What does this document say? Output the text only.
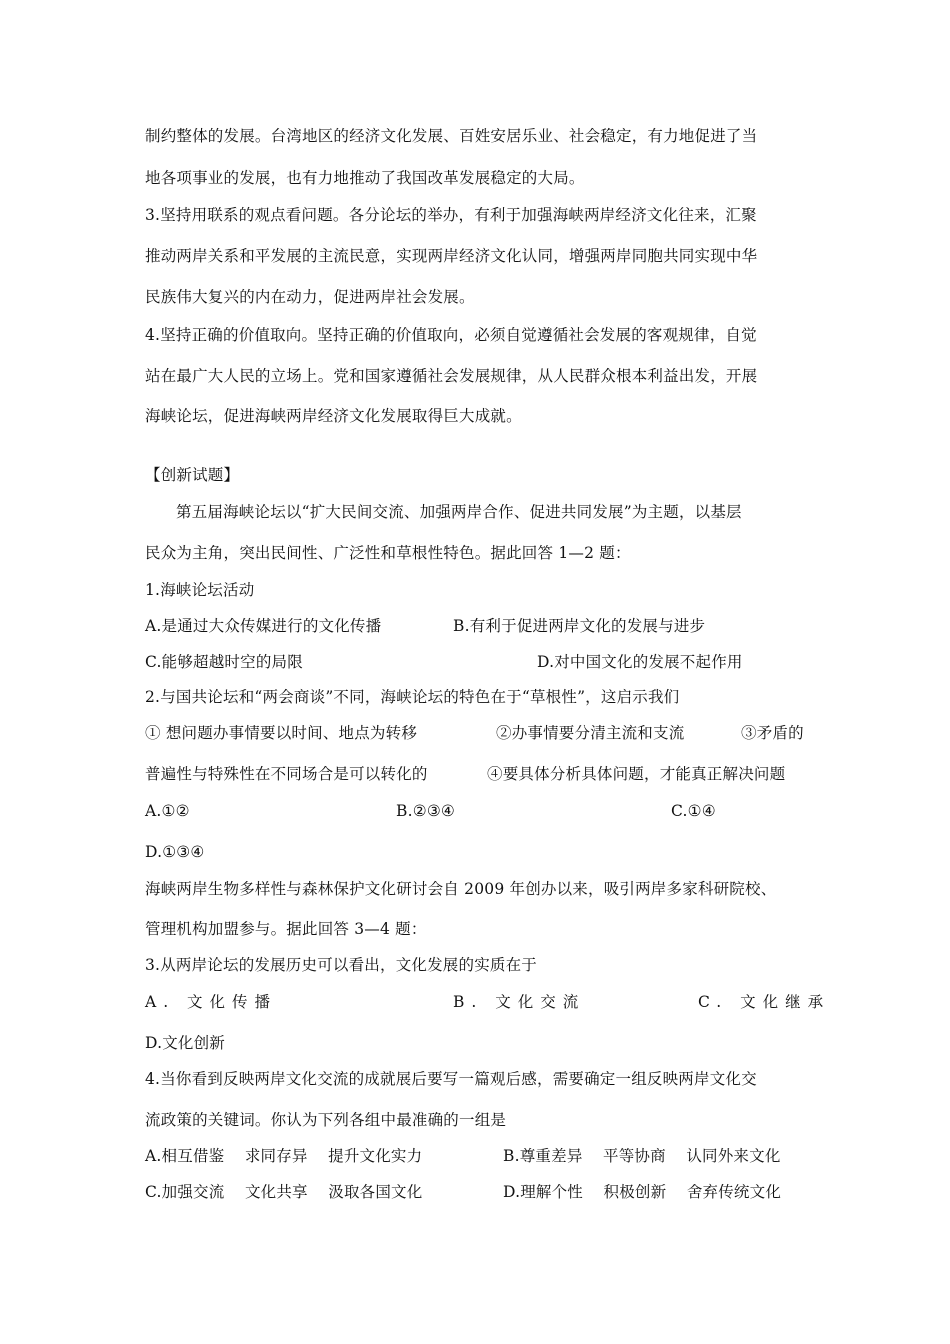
制约整体的发展。台湾地区的经济文化发展、百姓安居乐业、社会稳定，有力地促进了当
地各项事业的发展，也有力地推动了我国改革发展稳定的大局。
3.坚持用联系的观点看问题。各分论坛的举办，有利于加强海峡两岸经济文化往来，汇聚
推动两岸关系和平发展的主流民意，实现两岸经济文化认同，增强两岸同胞共同实现中华
民族伟大复兴的内在动力，促进两岸社会发展。
4.坚持正确的价值取向。坚持正确的价值取向，必须自觉遵循社会发展的客观规律，自觉
站在最广大人民的立场上。党和国家遵循社会发展规律，从人民群众根本利益出发，开展
海峡论坛，促进海峡两岸经济文化发展取得巨大成就。
【创新试题】
第五届海峡论坛以“扩大民间交流、加强两岸合作、促进共同发展”为主题，以基层
民众为主角，突出民间性、广泛性和草根性特色。据此回答 1—2 题：
1.海峡论坛活动
A.是通过大众传媒进行的文化传播	B.有利于促进两岸文化的发展与进步
C.能够超越时空的局限	D.对中国文化的发展不起作用
2.与国共论坛和“两会商谈”不同，海峡论坛的特色在于“草根性”，这启示我们
① 想问题办事情要以时间、地点为转移	②办事情要分清主流和支流	③矛盾的
普遍性与特殊性在不同场合是可以转化的	④要具体分析具体问题，才能真正解决问题
A.①②	B.②③④	C.①④
D.①③④
海峡两岸生物多样性与森林保护文化研讨会自 2009 年创办以来，吸引两岸多家科研院校、
管理机构加盟参与。据此回答 3—4 题：
3.从两岸论坛的发展历史可以看出，文化发展的实质在于
A. 文化传播	B. 文化交流	C. 文化继承
D.文化创新
4.当你看到反映两岸文化交流的成就展后要写一篇观后感，需要确定一组反映两岸文化交
流政策的关键词。你认为下列各组中最准确的一组是
A.相互借鉴    求同存异    提升文化实力	B.尊重差异    平等协商    认同外来文化
C.加强交流    文化共享    汲取各国文化	D.理解个性    积极创新    舍弃传统文化
